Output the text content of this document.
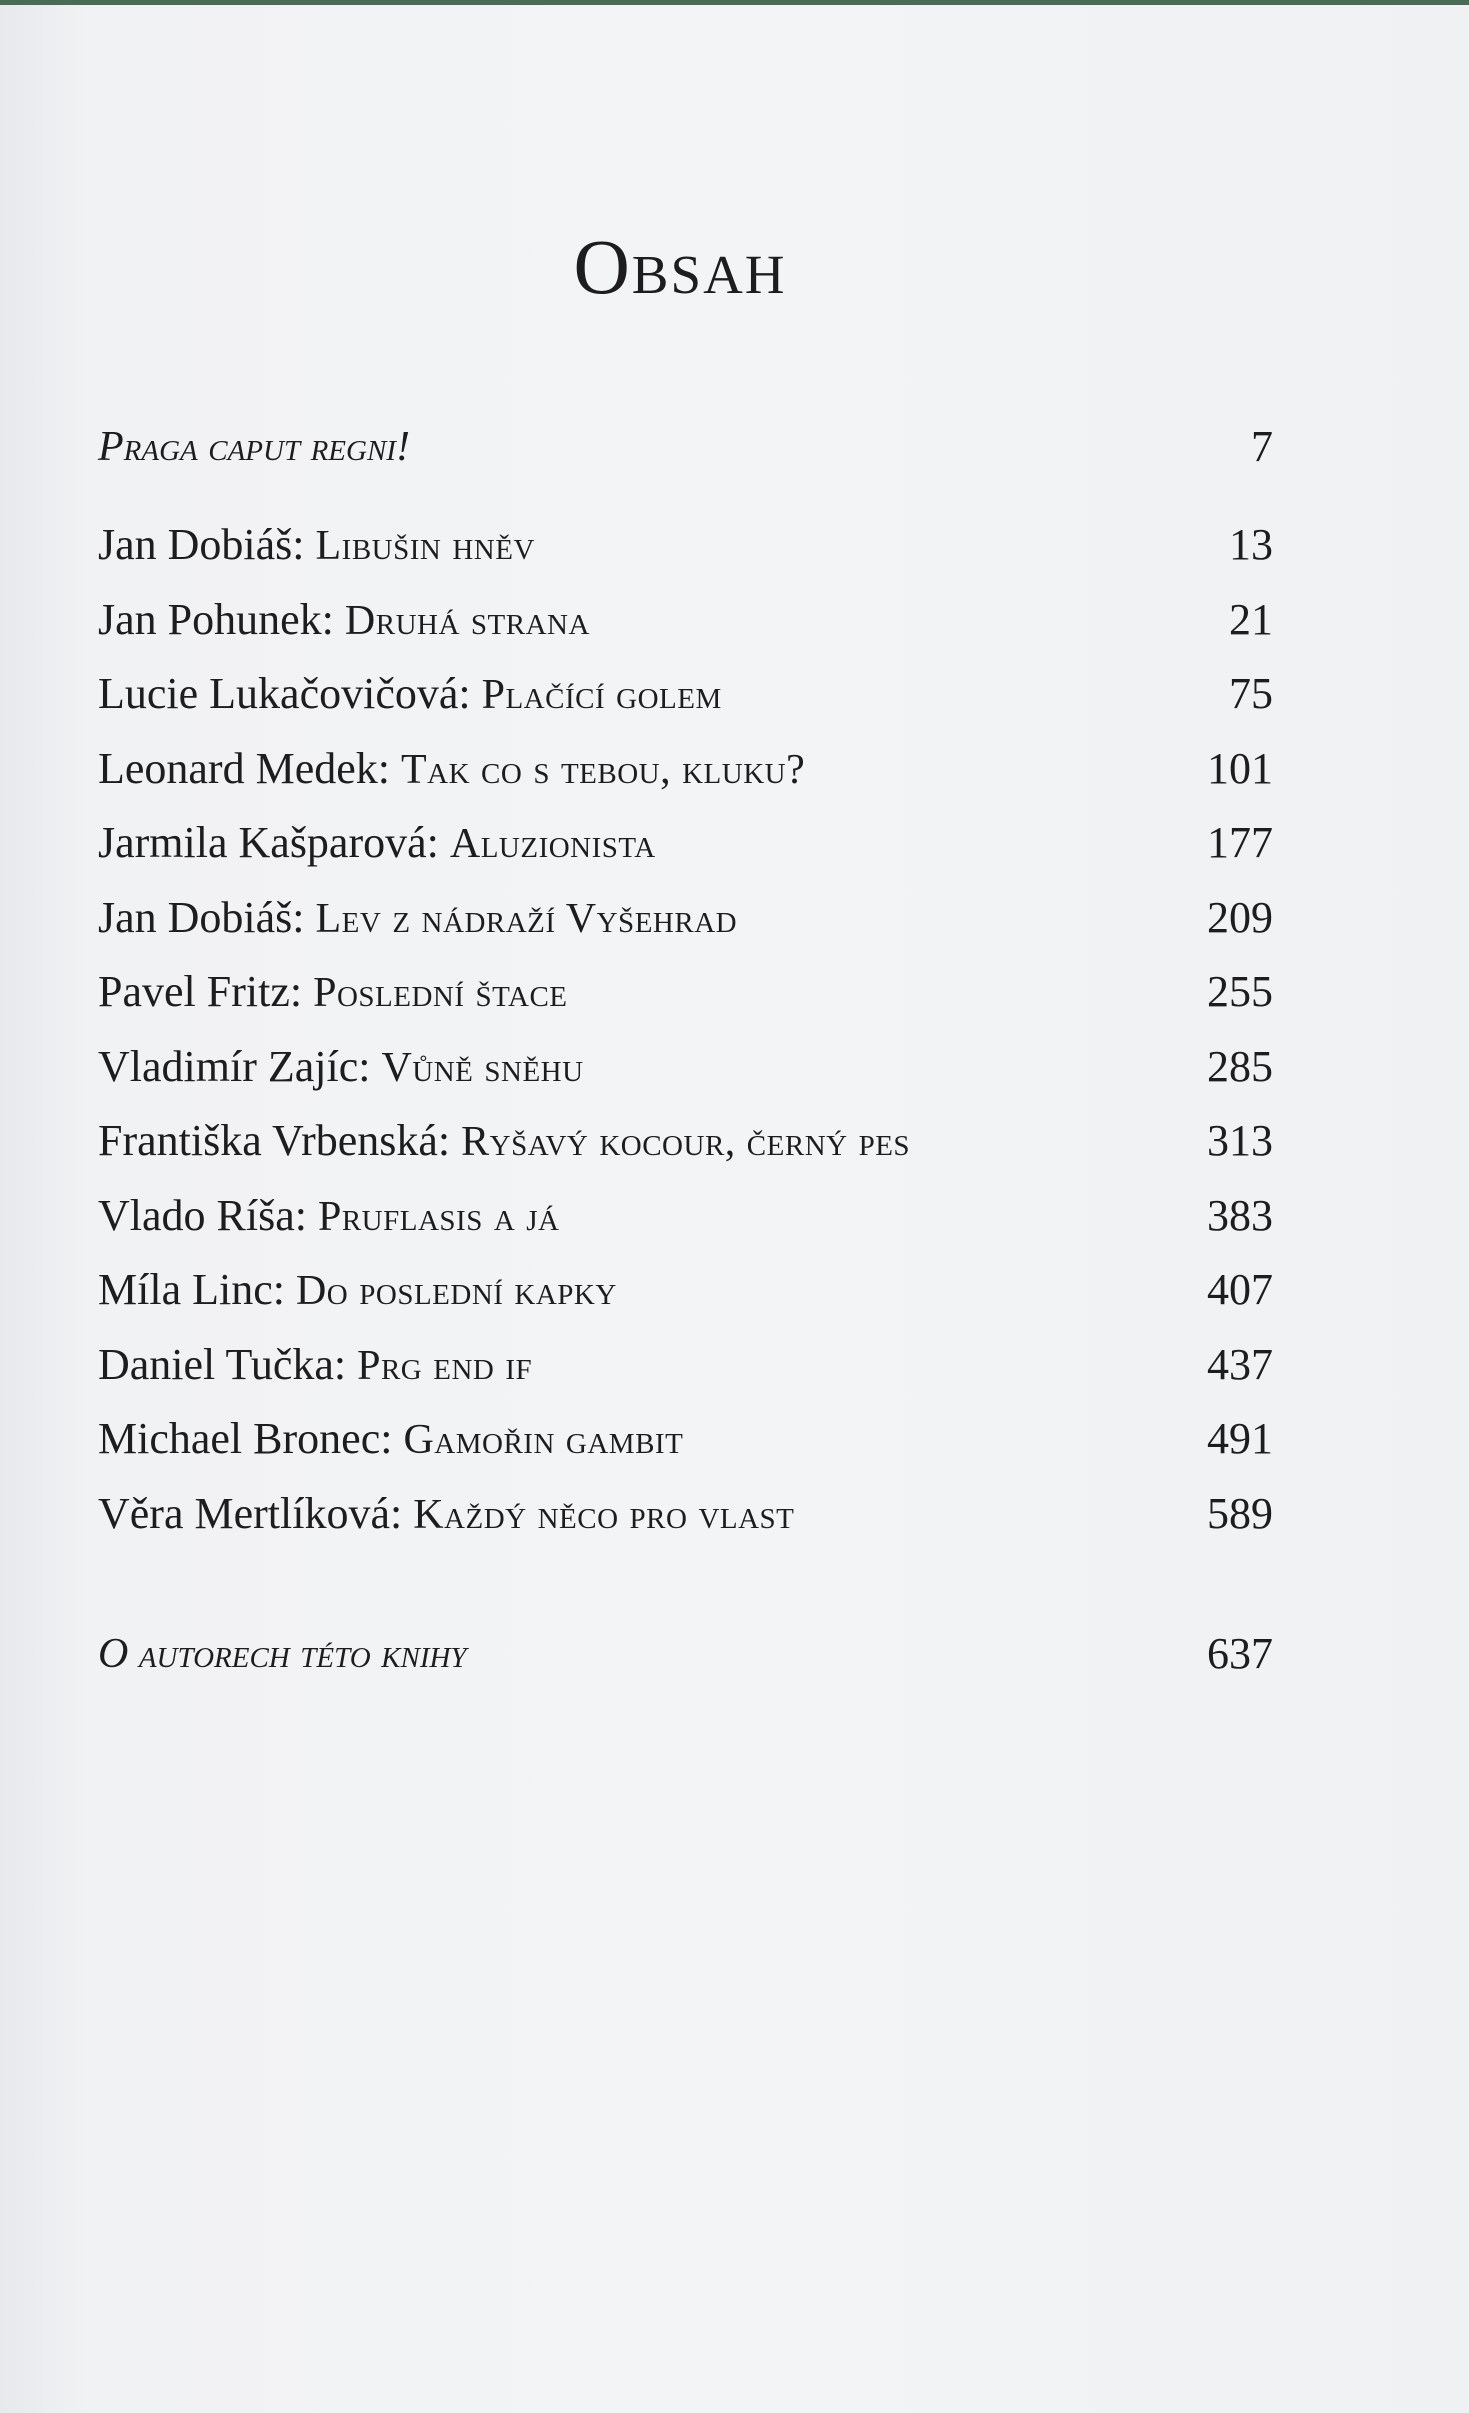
Obsah
Praga caput regni!	7
Jan Dobiáš: Libušin hněv	13
Jan Pohunek: Druhá strana	21
Lucie Lukačovičová: Plačící golem	75
Leonard Medek: Tak co s tebou, kluku?	101
Jarmila Kašparová: Aluzionista	177
Jan Dobiáš: Lev z nádraží Vyšehrad	209
Pavel Fritz: Poslední štace	255
Vladimír Zajíc: Vůně sněhu	285
Františka Vrbenská: Ryšavý kocour, černý pes	313
Vlado Ríša: Pruflasis a já	383
Míla Linc: Do poslední kapky	407
Daniel Tučka: Prg end if	437
Michael Bronec: Gamořin gambit	491
Věra Mertlíková: Každý něco pro vlast	589
O autorech této knihy	637
